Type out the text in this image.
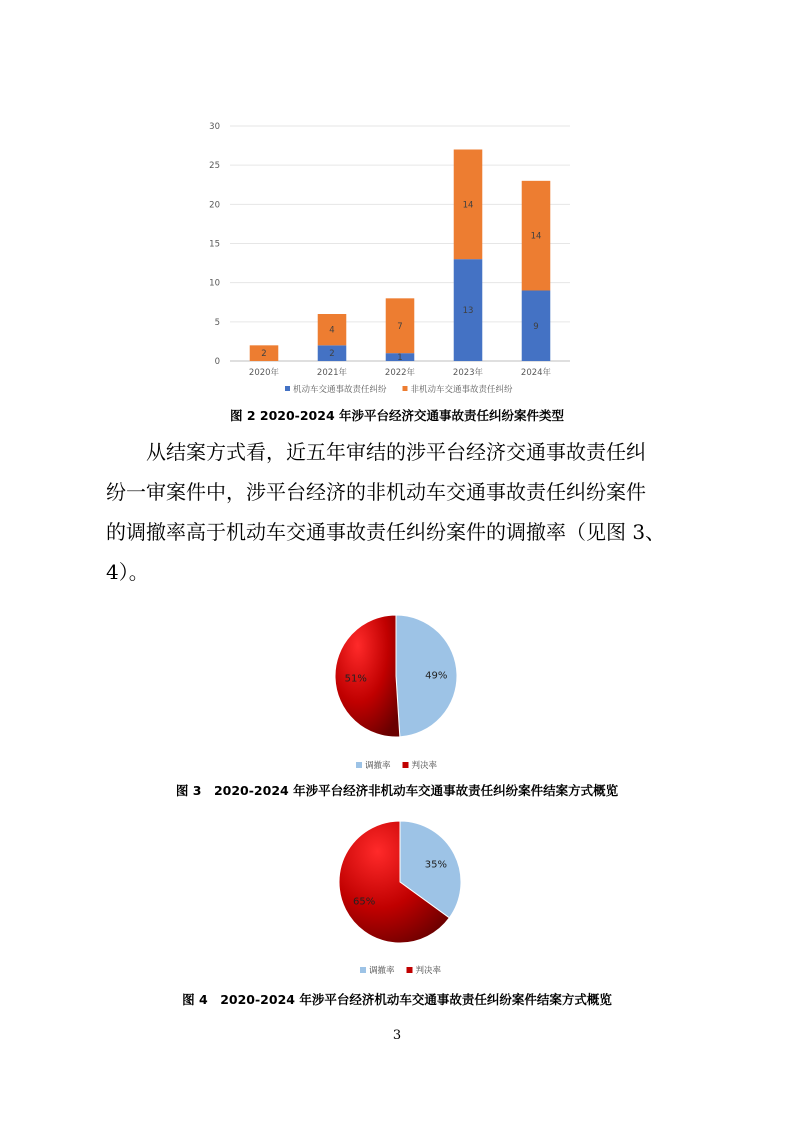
0
5
10
15
20
25
30
2
2020年
2
4
2021年
1
7
2022年
13
14
2023年
9
14
2024年
机动车交通事故责任纠纷	非机动车交通事故责任纠纷
图 2 2020-2024 年涉平台经济交通事故责任纠纷案件类型
从结案方式看，近五年审结的涉平台经济交通事故责任纠
纷一审案件中，涉平台经济的非机动车交通事故责任纠纷案件
的调撤率高于机动车交通事故责任纠纷案件的调撤率（见图 3、
4）。
49%
51%
调撤率 判决率
图 3　2020-2024 年涉平台经济非机动车交通事故责任纠纷案件结案方式概览
35%
65%
调撤率 判决率
图 4　2020-2024 年涉平台经济机动车交通事故责任纠纷案件结案方式概览
3
